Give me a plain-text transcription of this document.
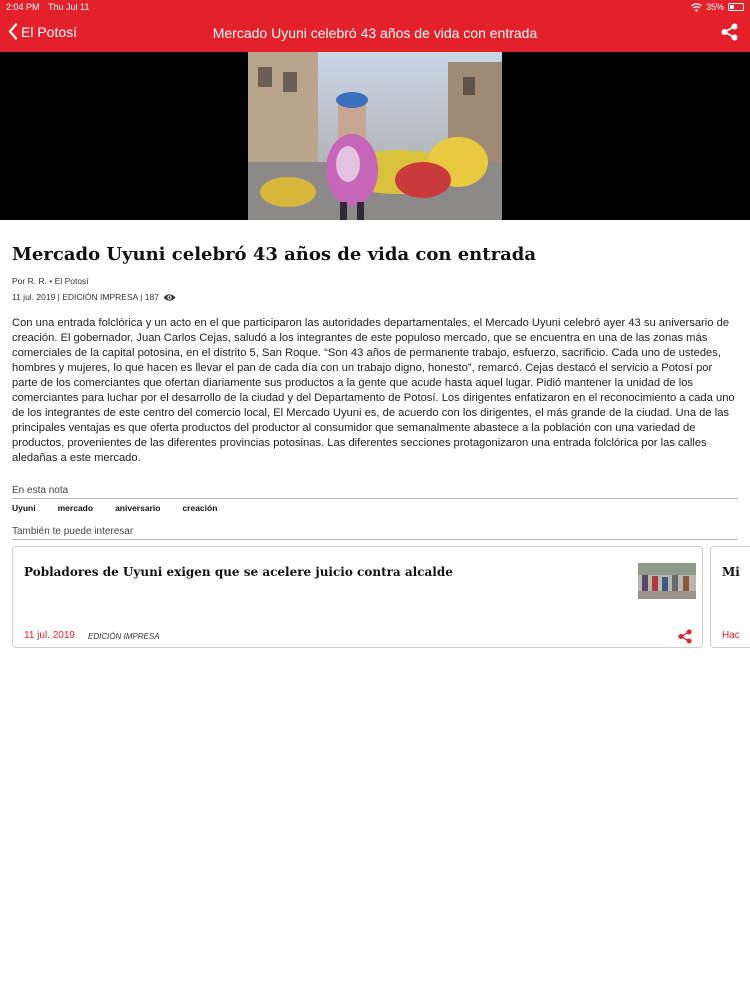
2:04 PM Thu Jul 11	35%
El Potosí	Mercado Uyuni celebró 43 años de vida con entrada
Mercado Uyuni celebró 43 años de vida con entrada
Por R. R. • El Potosí
11 jul. 2019 | EDICIÓN IMPRESA | 187

Con una entrada folclórica y un acto en el que participaron las autoridades departamentales, el Mercado Uyuni celebró ayer 43 su aniversario de creación. El gobernador, Juan Carlos Cejas, saludó a los integrantes de este populoso mercado, que se encuentra en una de las zonas más comerciales de la capital potosina, en el distrito 5, San Roque. “Son 43 años de permanente trabajo, esfuerzo, sacrificio. Cada uno de ustedes, hombres y mujeres, lo que hacen es llevar el pan de cada día con un trabajo digno, honesto”, remarcó. Cejas destacó el servicio a Potosí por parte de los comerciantes que ofertan diariamente sus productos a la gente que acude hasta aquel lugar. Pidió mantener la unidad de los comerciantes para luchar por el desarrollo de la ciudad y del Departamento de Potosí. Los dirigentes enfatizaron en el reconocimiento a cada uno de los integrantes de este centro del comercio local, El Mercado Uyuni es, de acuerdo con los dirigentes, el más grande de la ciudad. Una de las principales ventajas es que oferta productos del productor al consumidor que semanalmente abastece a la población con una variedad de productos, provenientes de las diferentes provincias potosinas. Las diferentes secciones protagonizaron una entrada folclórica por las calles aledañas a este mercado.

En esta nota
Uyuni	mercado	aniversario	creación
También te puede interesar
Pobladores de Uyuni exigen que se acelere juicio contra alcalde
11 jul. 2019 EDICIÓN IMPRESA
Mi
Hac
